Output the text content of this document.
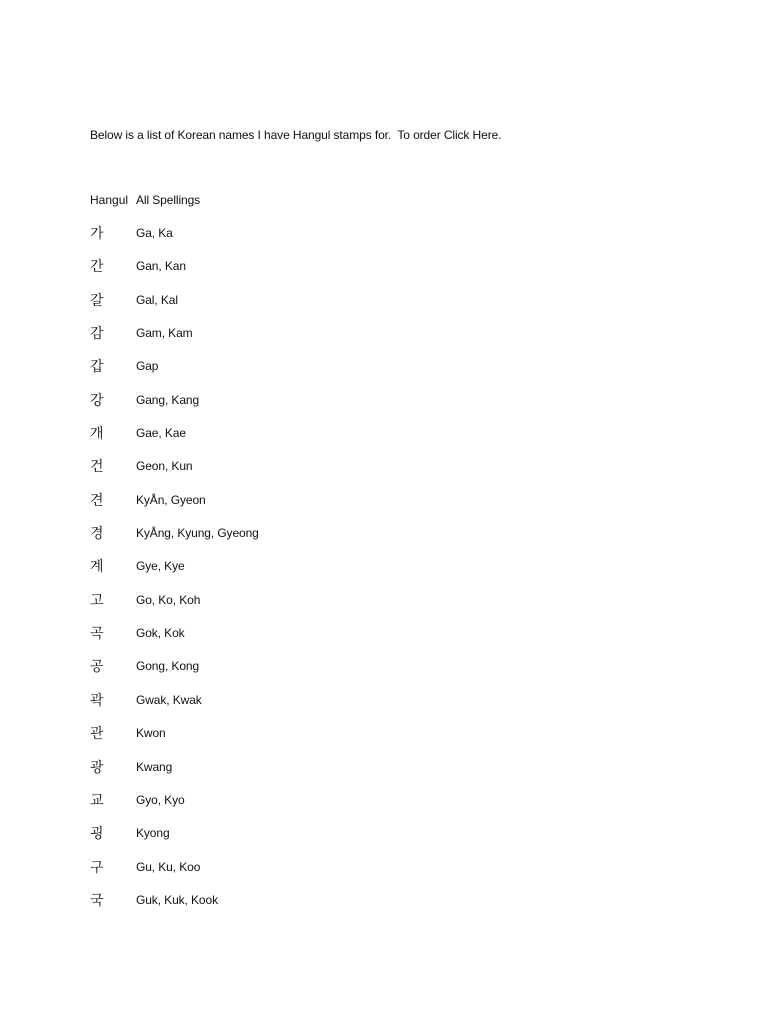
Below is a list of Korean names I have Hangul stamps for.  To order Click Here.

Hangul All Spellings
가	Ga, Ka
간	Gan, Kan
갈	Gal, Kal
감	Gam, Kam
갑	Gap
강	Gang, Kang
개	Gae, Kae
건	Geon, Kun
견	KyÅn, Gyeon
경	KyÅng, Kyung, Gyeong
계	Gye, Kye
고	Go, Ko, Koh
곡	Gok, Kok
공	Gong, Kong
곽	Gwak, Kwak
관	Kwon
광	Kwang
교	Gyo, Kyo
굉	Kyong
구	Gu, Ku, Koo
국	Guk, Kuk, Kook
